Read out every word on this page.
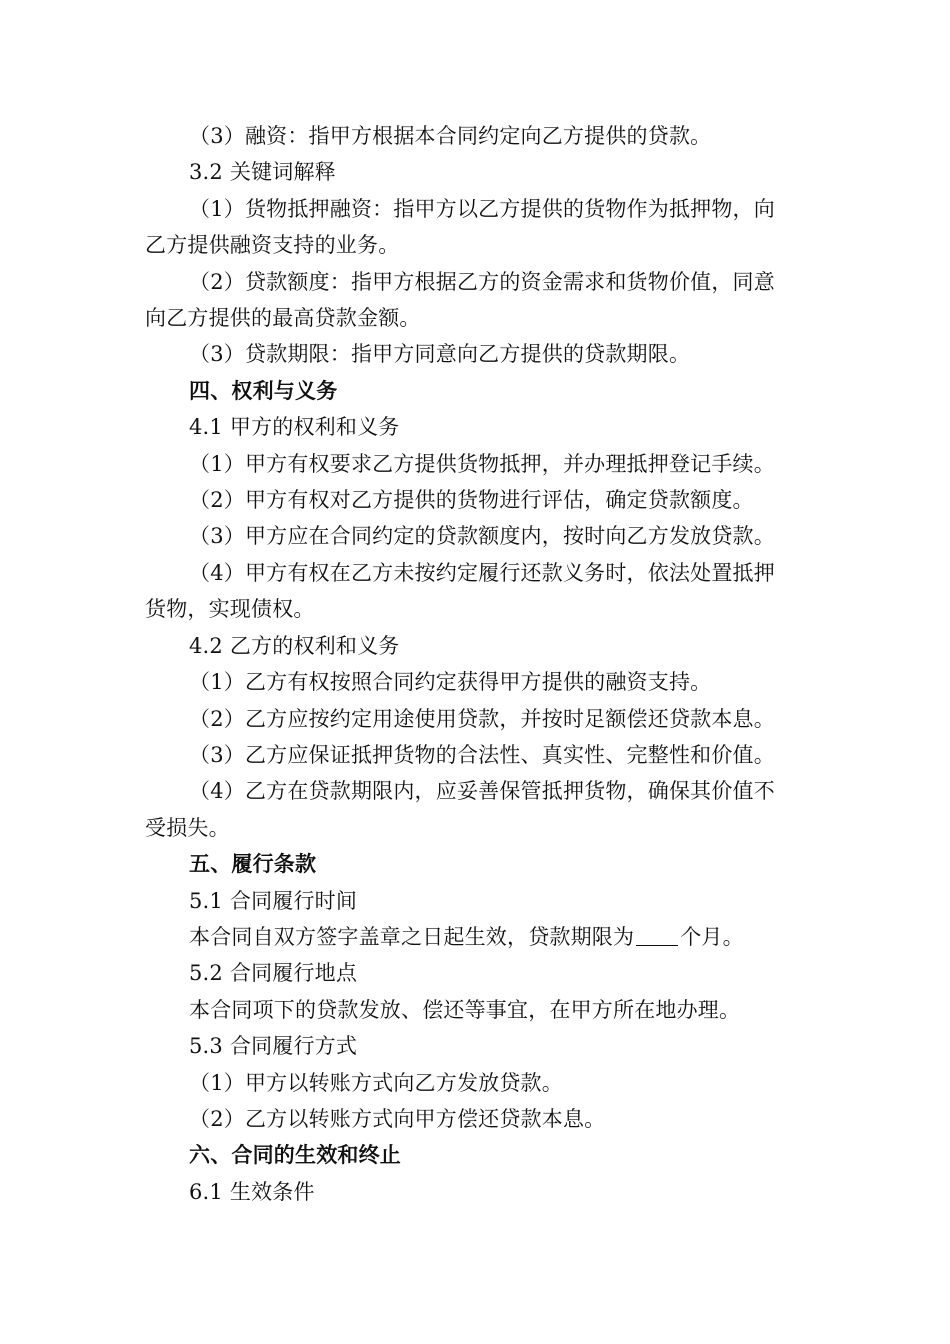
（3）融资：指甲方根据本合同约定向乙方提供的贷款。
3.2 关键词解释
（1）货物抵押融资：指甲方以乙方提供的货物作为抵押物，向
乙方提供融资支持的业务。
（2）贷款额度：指甲方根据乙方的资金需求和货物价值，同意
向乙方提供的最高贷款金额。
（3）贷款期限：指甲方同意向乙方提供的贷款期限。
四、权利与义务
4.1 甲方的权利和义务
（1）甲方有权要求乙方提供货物抵押，并办理抵押登记手续。
（2）甲方有权对乙方提供的货物进行评估，确定贷款额度。
（3）甲方应在合同约定的贷款额度内，按时向乙方发放贷款。
（4）甲方有权在乙方未按约定履行还款义务时，依法处置抵押
货物，实现债权。
4.2 乙方的权利和义务
（1）乙方有权按照合同约定获得甲方提供的融资支持。
（2）乙方应按约定用途使用贷款，并按时足额偿还贷款本息。
（3）乙方应保证抵押货物的合法性、真实性、完整性和价值。
（4）乙方在贷款期限内，应妥善保管抵押货物，确保其价值不
受损失。
五、履行条款
5.1 合同履行时间
本合同自双方签字盖章之日起生效，贷款期限为 个月。
5.2 合同履行地点
本合同项下的贷款发放、偿还等事宜，在甲方所在地办理。
5.3 合同履行方式
（1）甲方以转账方式向乙方发放贷款。
（2）乙方以转账方式向甲方偿还贷款本息。
六、合同的生效和终止
6.1 生效条件
